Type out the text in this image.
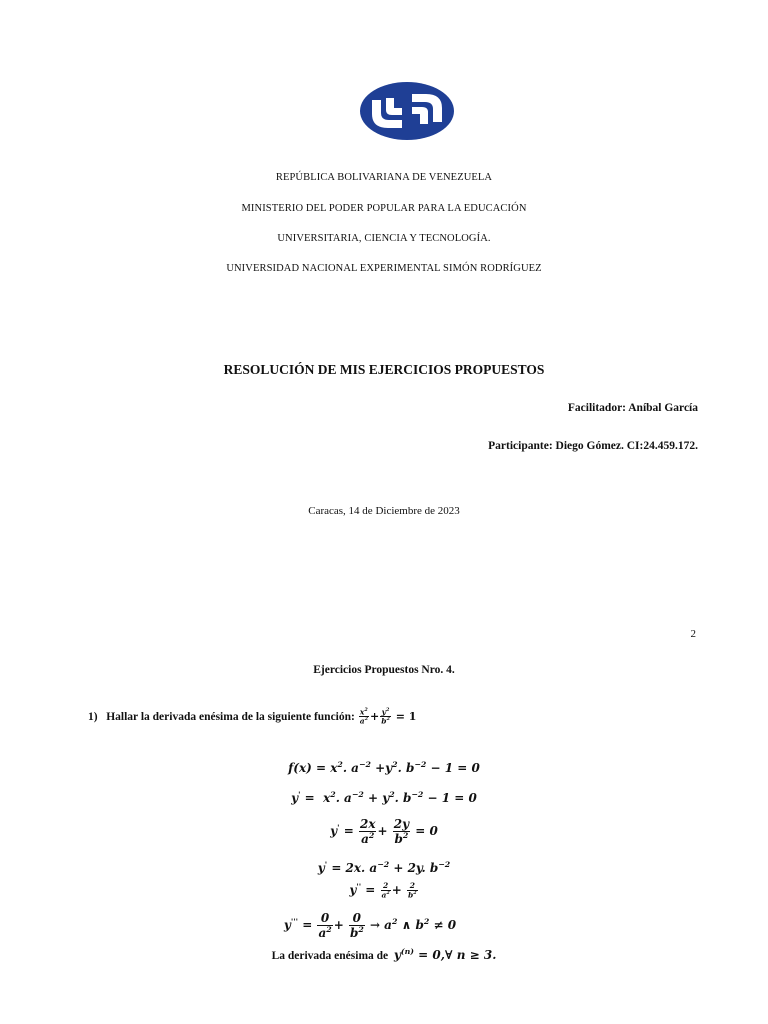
REPÚBLICA BOLIVARIANA DE VENEZUELA
MINISTERIO DEL PODER POPULAR PARA LA EDUCACIÓN
UNIVERSITARIA, CIENCIA Y TECNOLOGÍA.
UNIVERSIDAD NACIONAL EXPERIMENTAL SIMÓN RODRÍGUEZ
RESOLUCIÓN DE MIS EJERCICIOS PROPUESTOS
Facilitador: Aníbal García
Participante: Diego Gómez. CI:24.459.172.
Caracas, 14 de Diciembre de 2023
2
Ejercicios Propuestos Nro. 4.
1) Hallar la derivada enésima de la siguiente función: $\frac{x^2}{a^2} + \frac{y^2}{b^2} = 1$
$f(x) = x^2$. $a^{-2} +y^2$. $b^{-2} - 1 = 0$
$y' = x^2$. $a^{-2} + y^2$. $b^{-2} - 1 = 0$
$y' = \frac{2x}{a^2} + \frac{2y}{b^2} = 0$
y' = 2x. $a^{-2} + 2y$. $b^{-2}$
$y'' = \frac{2}{a^2} + \frac{2}{b^2}$
$y''' = \frac{0}{a^2} + \frac{0}{b^2} \to a^2$ ∧ $b^2 \ne 0$
La derivada enésima de $y^{(n)}$ = 0,∀ n ≥ 3.
